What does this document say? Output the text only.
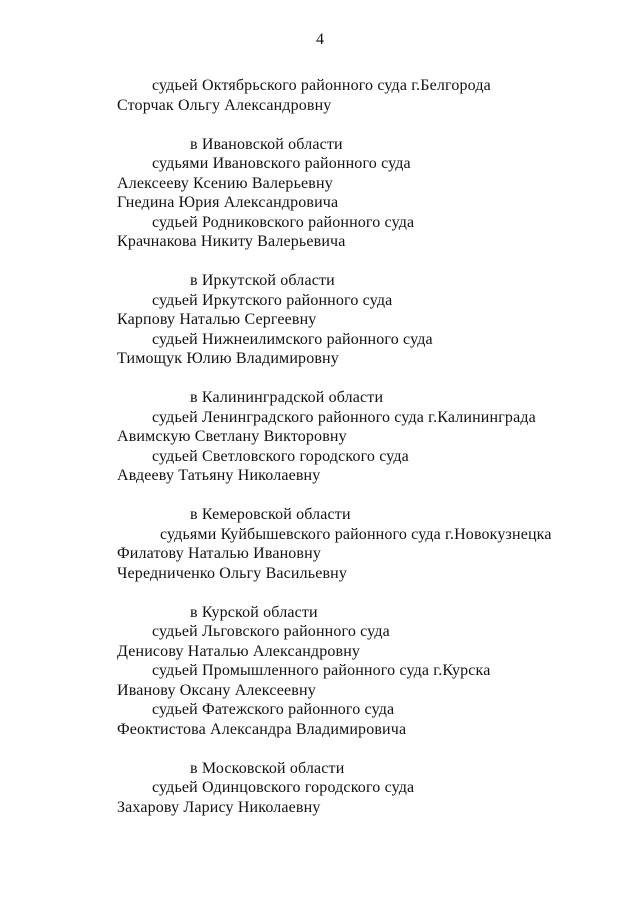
4
судьей Октябрьского районного суда г.Белгорода
Сторчак Ольгу Александровну
в Ивановской области
судьями Ивановского районного суда
Алексееву Ксению Валерьевну
Гнедина Юрия Александровича
судьей Родниковского районного суда
Крачнакова Никиту Валерьевича
в Иркутской области
судьей Иркутского районного суда
Карпову Наталью Сергеевну
судьей Нижнеилимского районного суда
Тимощук Юлию Владимировну
в Калининградской области
судьей Ленинградского районного суда г.Калининграда
Авимскую Светлану Викторовну
судьей Светловского городского суда
Авдееву Татьяну Николаевну
в Кемеровской области
судьями Куйбышевского районного суда г.Новокузнецка
Филатову Наталью Ивановну
Чередниченко Ольгу Васильевну
в Курской области
судьей Льговского районного суда
Денисову Наталью Александровну
судьей Промышленного районного суда г.Курска
Иванову Оксану Алексеевну
судьей Фатежского районного суда
Феоктистова Александра Владимировича
в Московской области
судьей Одинцовского городского суда
Захарову Ларису Николаевну
